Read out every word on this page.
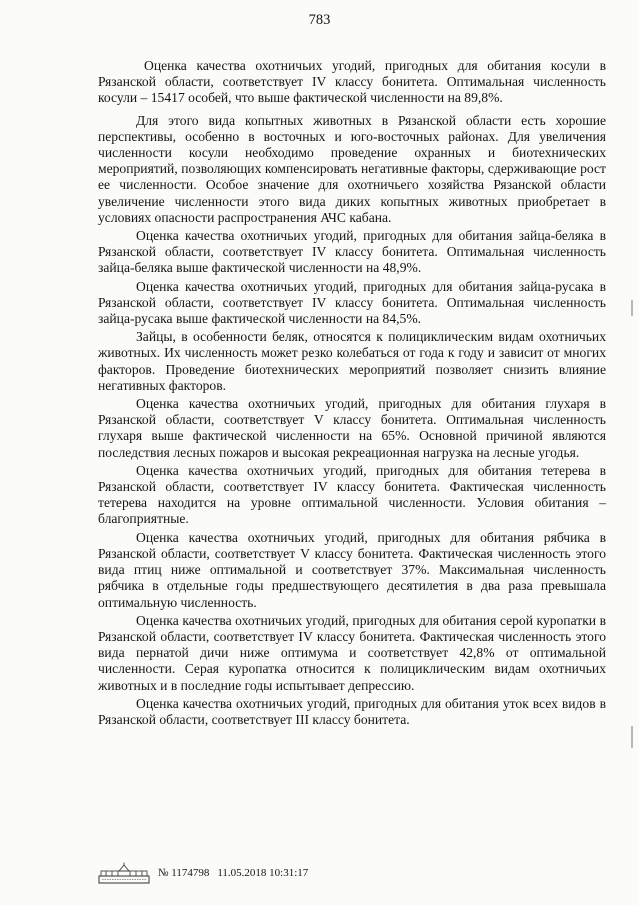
783

Оценка качества охотничьих угодий, пригодных для обитания косули в Рязанской области, соответствует IV классу бонитета. Оптимальная численность косули – 15417 особей, что выше фактической численности на 89,8%.

Для этого вида копытных животных в Рязанской области есть хорошие перспективы, особенно в восточных и юго-восточных районах. Для увеличения численности косули необходимо проведение охранных и биотехнических мероприятий, позволяющих компенсировать негативные факторы, сдерживающие рост ее численности. Особое значение для охотничьего хозяйства Рязанской области увеличение численности этого вида диких копытных животных приобретает в условиях опасности распространения АЧС кабана.

Оценка качества охотничьих угодий, пригодных для обитания зайца-беляка в Рязанской области, соответствует IV классу бонитета. Оптимальная численность зайца-беляка выше фактической численности на 48,9%.

Оценка качества охотничьих угодий, пригодных для обитания зайца-русака в Рязанской области, соответствует IV классу бонитета. Оптимальная численность зайца-русака выше фактической численности на 84,5%.

Зайцы, в особенности беляк, относятся к полициклическим видам охотничьих животных. Их численность может резко колебаться от года к году и зависит от многих факторов. Проведение биотехнических мероприятий позволяет снизить влияние негативных факторов.

Оценка качества охотничьих угодий, пригодных для обитания глухаря в Рязанской области, соответствует V классу бонитета. Оптимальная численность глухаря выше фактической численности на 65%. Основной причиной являются последствия лесных пожаров и высокая рекреационная нагрузка на лесные угодья.

Оценка качества охотничьих угодий, пригодных для обитания тетерева в Рязанской области, соответствует IV классу бонитета. Фактическая численность тетерева находится на уровне оптимальной численности. Условия обитания – благоприятные.

Оценка качества охотничьих угодий, пригодных для обитания рябчика в Рязанской области, соответствует V классу бонитета. Фактическая численность этого вида птиц ниже оптимальной и соответствует 37%. Максимальная численность рябчика в отдельные годы предшествующего десятилетия в два раза превышала оптимальную численность.

Оценка качества охотничьих угодий, пригодных для обитания серой куропатки в Рязанской области, соответствует IV классу бонитета. Фактическая численность этого вида пернатой дичи ниже оптимума и соответствует 42,8% от оптимальной численности. Серая куропатка относится к полициклическим видам охотничьих животных и в последние годы испытывает депрессию.

Оценка качества охотничьих угодий, пригодных для обитания уток всех видов в Рязанской области, соответствует III классу бонитета.

№ 1174798 11.05.2018 10:31:17
